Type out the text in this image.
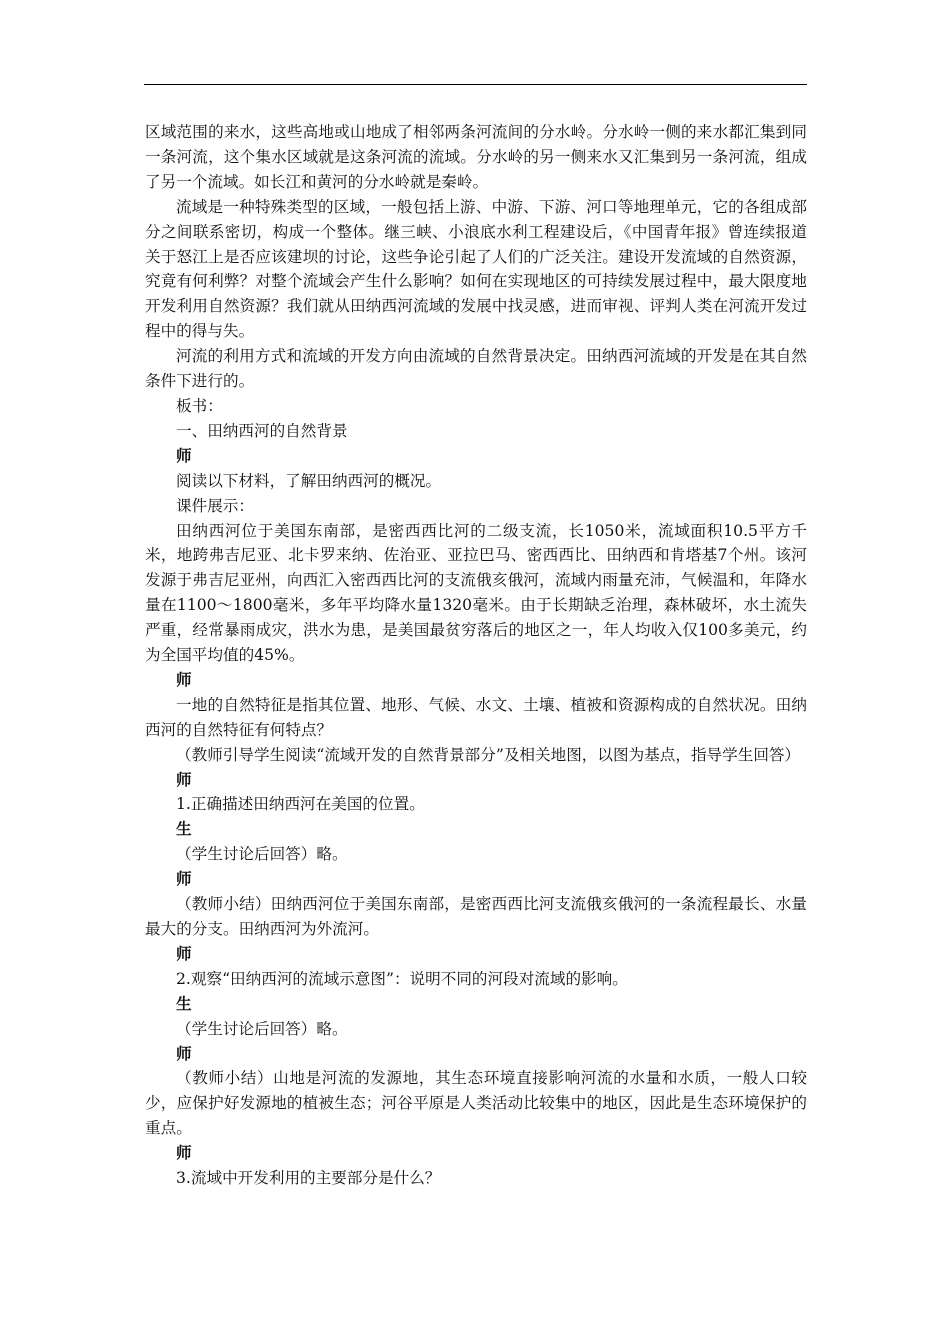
区域范围的来水，这些高地或山地成了相邻两条河流间的分水岭。分水岭一侧的来水都汇集到同一条河流，这个集水区域就是这条河流的流域。分水岭的另一侧来水又汇集到另一条河流，组成了另一个流域。如长江和黄河的分水岭就是秦岭。

流域是一种特殊类型的区域，一般包括上游、中游、下游、河口等地理单元，它的各组成部分之间联系密切，构成一个整体。继三峡、小浪底水利工程建设后，《中国青年报》曾连续报道关于怒江上是否应该建坝的讨论，这些争论引起了人们的广泛关注。建设开发流域的自然资源，究竟有何利弊？对整个流域会产生什么影响？如何在实现地区的可持续发展过程中，最大限度地开发利用自然资源？我们就从田纳西河流域的发展中找灵感，进而审视、评判人类在河流开发过程中的得与失。

河流的利用方式和流域的开发方向由流域的自然背景决定。田纳西河流域的开发是在其自然条件下进行的。

板书：

一、田纳西河的自然背景

师

阅读以下材料，了解田纳西河的概况。

课件展示：

田纳西河位于美国东南部，是密西西比河的二级支流，长1050米，流域面积10.5平方千米，地跨弗吉尼亚、北卡罗来纳、佐治亚、亚拉巴马、密西西比、田纳西和肯塔基7个州。该河发源于弗吉尼亚州，向西汇入密西西比河的支流俄亥俄河，流域内雨量充沛，气候温和，年降水量在1100～1800毫米，多年平均降水量1320毫米。由于长期缺乏治理，森林破坏，水土流失严重，经常暴雨成灾，洪水为患，是美国最贫穷落后的地区之一，年人均收入仅100多美元，约为全国平均值的45%。

师

一地的自然特征是指其位置、地形、气候、水文、土壤、植被和资源构成的自然状况。田纳西河的自然特征有何特点？

（教师引导学生阅读“流域开发的自然背景部分”及相关地图，以图为基点，指导学生回答）

师

1.正确描述田纳西河在美国的位置。

生

（学生讨论后回答）略。

师

（教师小结）田纳西河位于美国东南部，是密西西比河支流俄亥俄河的一条流程最长、水量最大的分支。田纳西河为外流河。

师

2.观察“田纳西河的流域示意图”：说明不同的河段对流域的影响。

生

（学生讨论后回答）略。

师

（教师小结）山地是河流的发源地，其生态环境直接影响河流的水量和水质，一般人口较少，应保护好发源地的植被生态；河谷平原是人类活动比较集中的地区，因此是生态环境保护的重点。

师

3.流域中开发利用的主要部分是什么？
